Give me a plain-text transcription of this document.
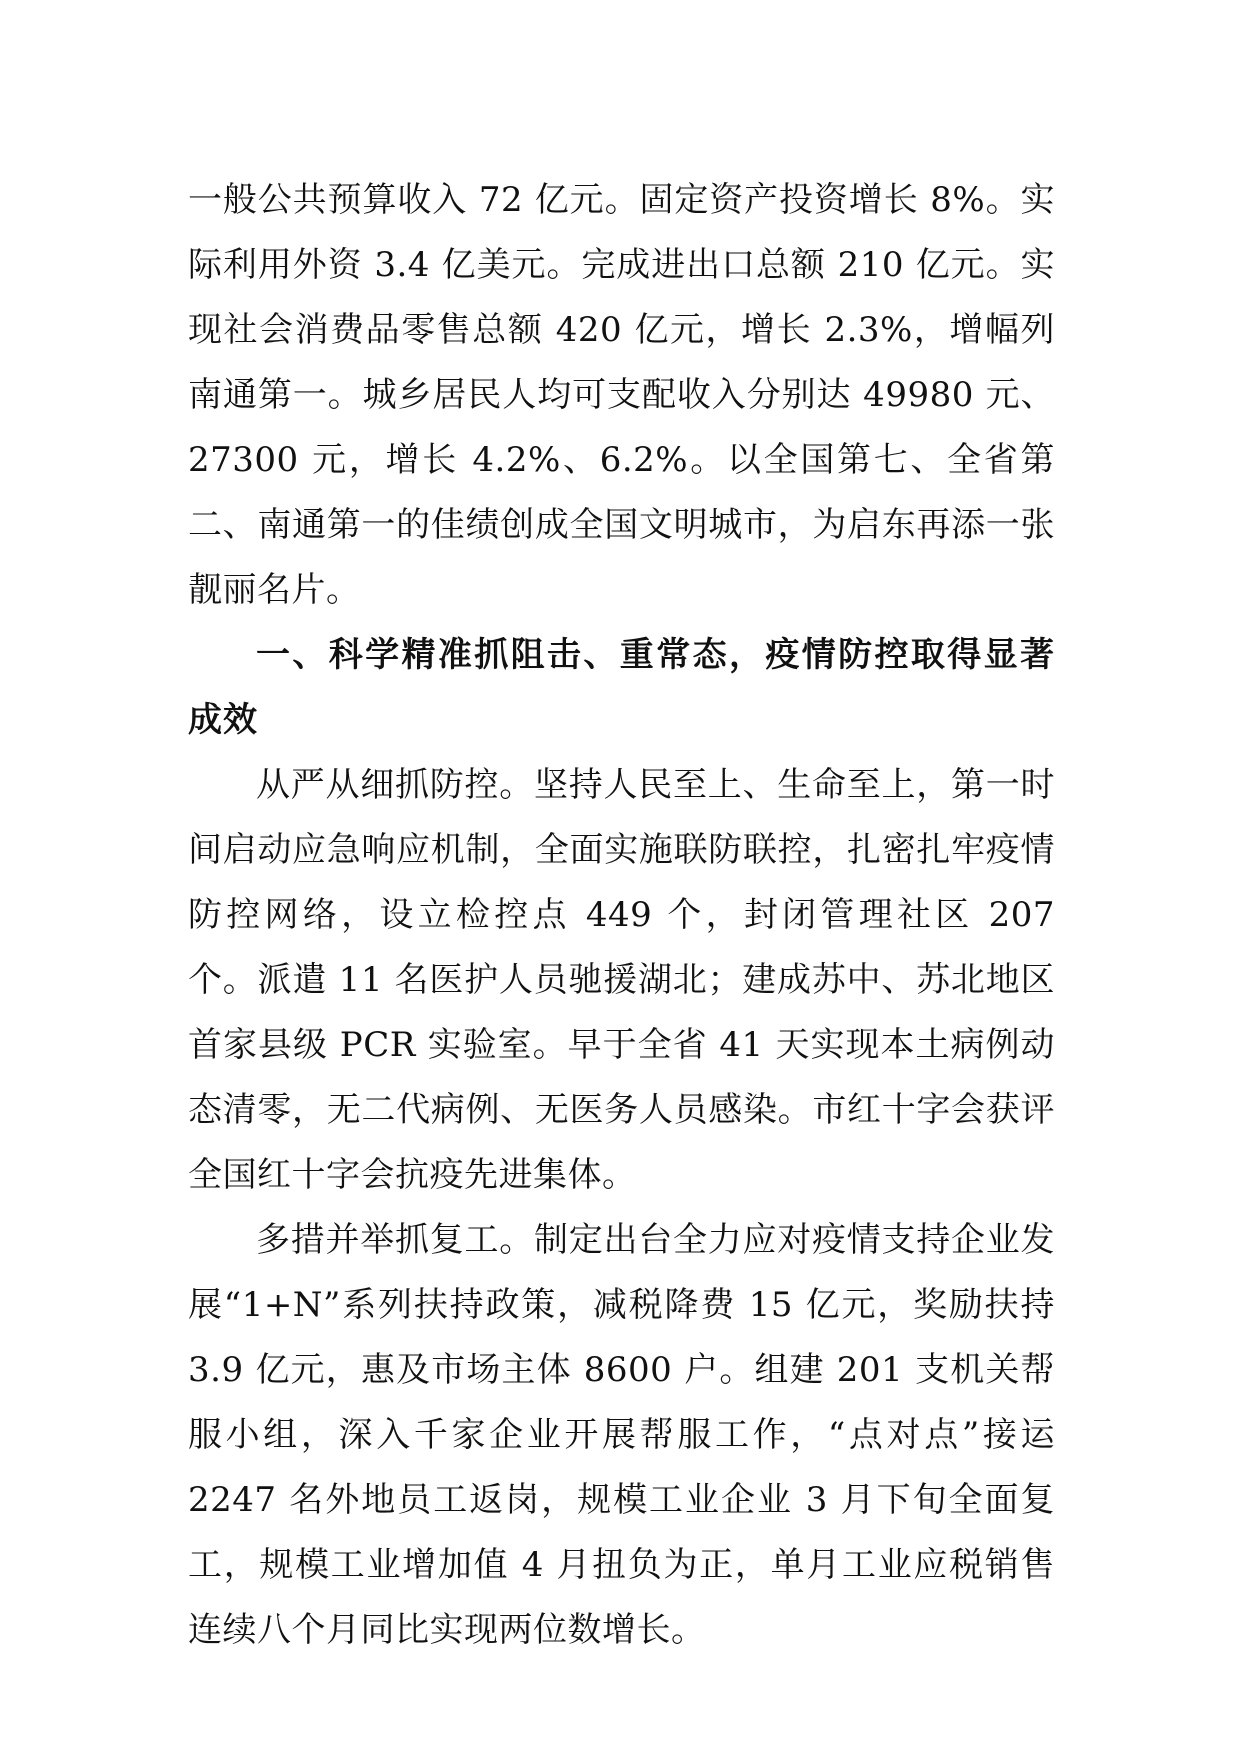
一般公共预算收入 72 亿元。固定资产投资增长 8%。实际利用外资 3.4 亿美元。完成进出口总额 210 亿元。实现社会消费品零售总额 420 亿元，增长 2.3%，增幅列南通第一。城乡居民人均可支配收入分别达 49980 元、27300 元，增长 4.2%、6.2%。以全国第七、全省第二、南通第一的佳绩创成全国文明城市，为启东再添一张靓丽名片。

一、科学精准抓阻击、重常态，疫情防控取得显著成效

从严从细抓防控。坚持人民至上、生命至上，第一时间启动应急响应机制，全面实施联防联控，扎密扎牢疫情防控网络，设立检控点 449 个，封闭管理社区 207 个。派遣 11 名医护人员驰援湖北；建成苏中、苏北地区首家县级 PCR 实验室。早于全省 41 天实现本土病例动态清零，无二代病例、无医务人员感染。市红十字会获评全国红十字会抗疫先进集体。

多措并举抓复工。制定出台全力应对疫情支持企业发展“1+N”系列扶持政策，减税降费 15 亿元，奖励扶持 3.9 亿元，惠及市场主体 8600 户。组建 201 支机关帮服小组，深入千家企业开展帮服工作，“点对点”接运 2247 名外地员工返岗，规模工业企业 3 月下旬全面复工，规模工业增加值 4 月扭负为正，单月工业应税销售连续八个月同比实现两位数增长。
